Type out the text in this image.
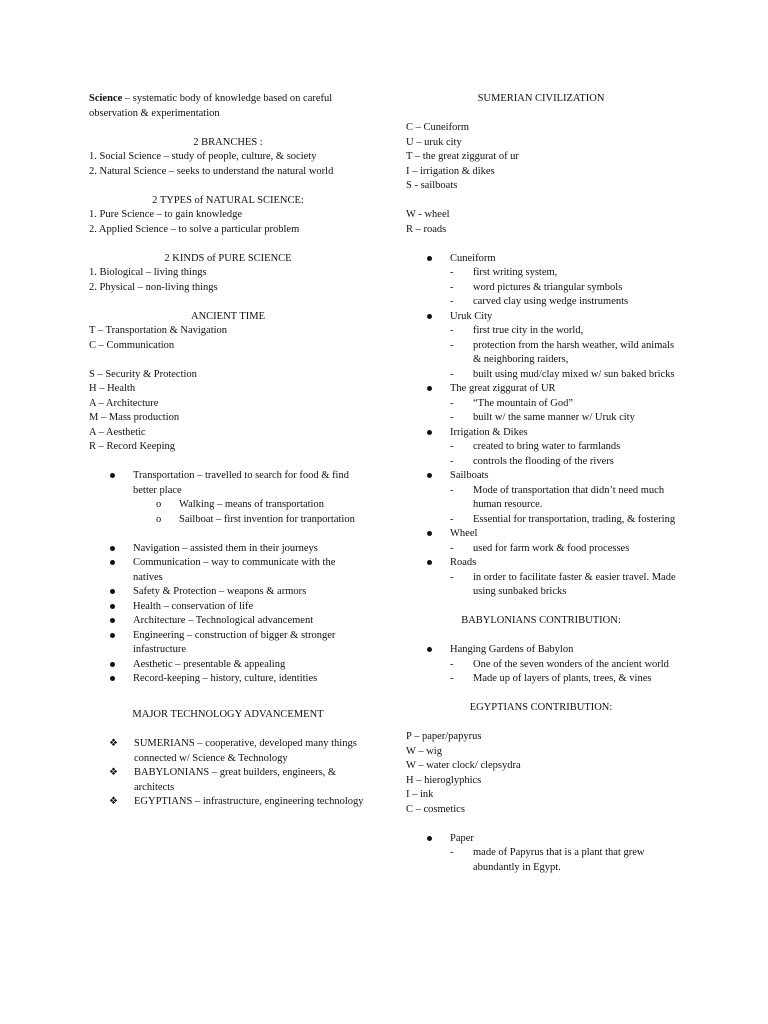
Science – systematic body of knowledge based on careful observation & experimentation

2 BRANCHES :

1. Social Science – study of people, culture, & society

2. Natural Science – seeks to understand the natural world

2 TYPES of NATURAL SCIENCE:

1. Pure Science – to gain knowledge

2. Applied Science – to solve a particular problem

2 KINDS of PURE SCIENCE

1. Biological – living things

2. Physical – non-living things

ANCIENT TIME

T – Transportation & Navigation

C – Communication

S – Security & Protection

H – Health

A – Architecture

M – Mass production

A – Aesthetic

R – Record Keeping

Transportation – travelled to search for food & find better place
o Walking – means of transportation
o Sailboat – first invention for tranportation
Navigation – assisted them in their journeys
Communication – way to communicate with the natives
Safety & Protection – weapons & armors
Health – conservation of life
Architecture – Technological advancement
Engineering – construction of bigger & stronger infastructure
Aesthetic – presentable & appealing
Record-keeping – history, culture, identities

MAJOR TECHNOLOGY ADVANCEMENT

❖ SUMERIANS – cooperative, developed many things connected w/ Science & Technology
❖ BABYLONIANS – great builders, engineers, & architects
❖ EGYPTIANS – infrastructure, engineering technology

SUMERIAN CIVILIZATION

C – Cuneiform

U – uruk city

T – the great ziggurat of ur

I – irrigation & dikes

S - sailboats

W - wheel

R – roads

Cuneiform
- first writing system,
- word pictures & triangular symbols
- carved clay using wedge instruments
Uruk City
- first true city in the world,
- protection from the harsh weather, wild animals & neighboring raiders,
- built using mud/clay mixed w/ sun baked bricks
The great ziggurat of UR
- “The mountain of God”
- built w/ the same manner w/ Uruk city
Irrigation & Dikes
- created to bring water to farmlands
- controls the flooding of the rivers
Sailboats
- Mode of transportation that didn’t need much human resource.
- Essential for transportation, trading, & fostering
Wheel
- used for farm work & food processes
Roads
- in order to facilitate faster & easier travel. Made using sunbaked bricks

BABYLONIANS CONTRIBUTION:

Hanging Gardens of Babylon
- One of the seven wonders of the ancient world
- Made up of layers of plants, trees, & vines

EGYPTIANS CONTRIBUTION:

P – paper/papyrus

W – wig

W – water clock/ clepsydra

H – hieroglyphics

I – ink

C – cosmetics

Paper
- made of Papyrus that is a plant that grew abundantly in Egypt.
